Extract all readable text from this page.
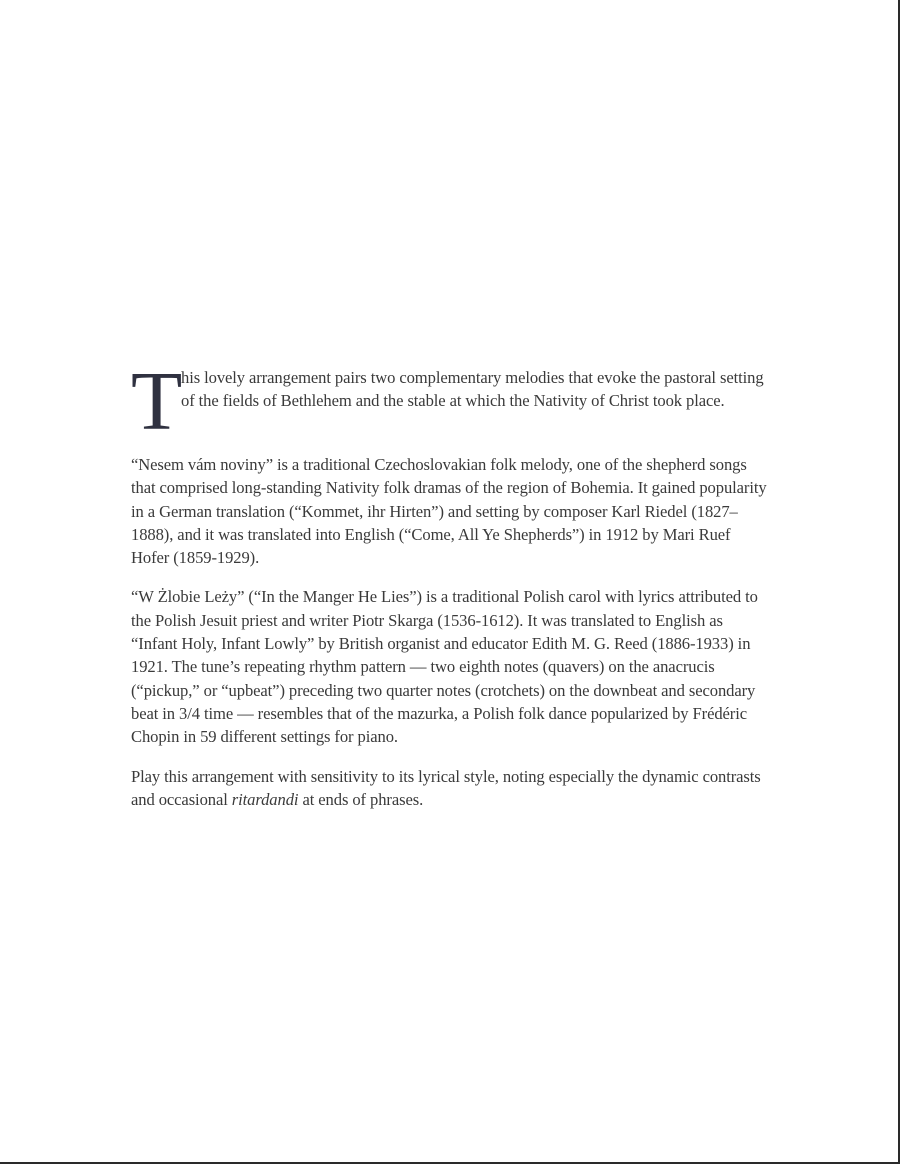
T
his lovely arrangement pairs two complementary melodies that evoke the pastoral setting of the fields of Bethlehem and the stable at which the Nativity of Christ took place.

“Nesem vám noviny” is a traditional Czechoslovakian folk melody, one of the shepherd songs that comprised long-standing Nativity folk dramas of the region of Bohemia. It gained popularity in a German translation (“Kommet, ihr Hirten”) and setting by composer Karl Riedel (1827–1888), and it was translated into English (“Come, All Ye Shepherds”) in 1912 by Mari Ruef Hofer (1859-1929).

“W Żlobie Leży” (“In the Manger He Lies”) is a traditional Polish carol with lyrics attributed to the Polish Jesuit priest and writer Piotr Skarga (1536-1612). It was translated to English as “Infant Holy, Infant Lowly” by British organist and educator Edith M. G. Reed (1886-1933) in 1921. The tune’s repeating rhythm pattern — two eighth notes (quavers) on the anacrucis (“pickup,” or “upbeat”) preceding two quarter notes (crotchets) on the downbeat and secondary beat in 3/4 time — resembles that of the mazurka, a Polish folk dance popularized by Frédéric Chopin in 59 different settings for piano.

Play this arrangement with sensitivity to its lyrical style, noting especially the dynamic contrasts and occasional ritardandi at ends of phrases.
